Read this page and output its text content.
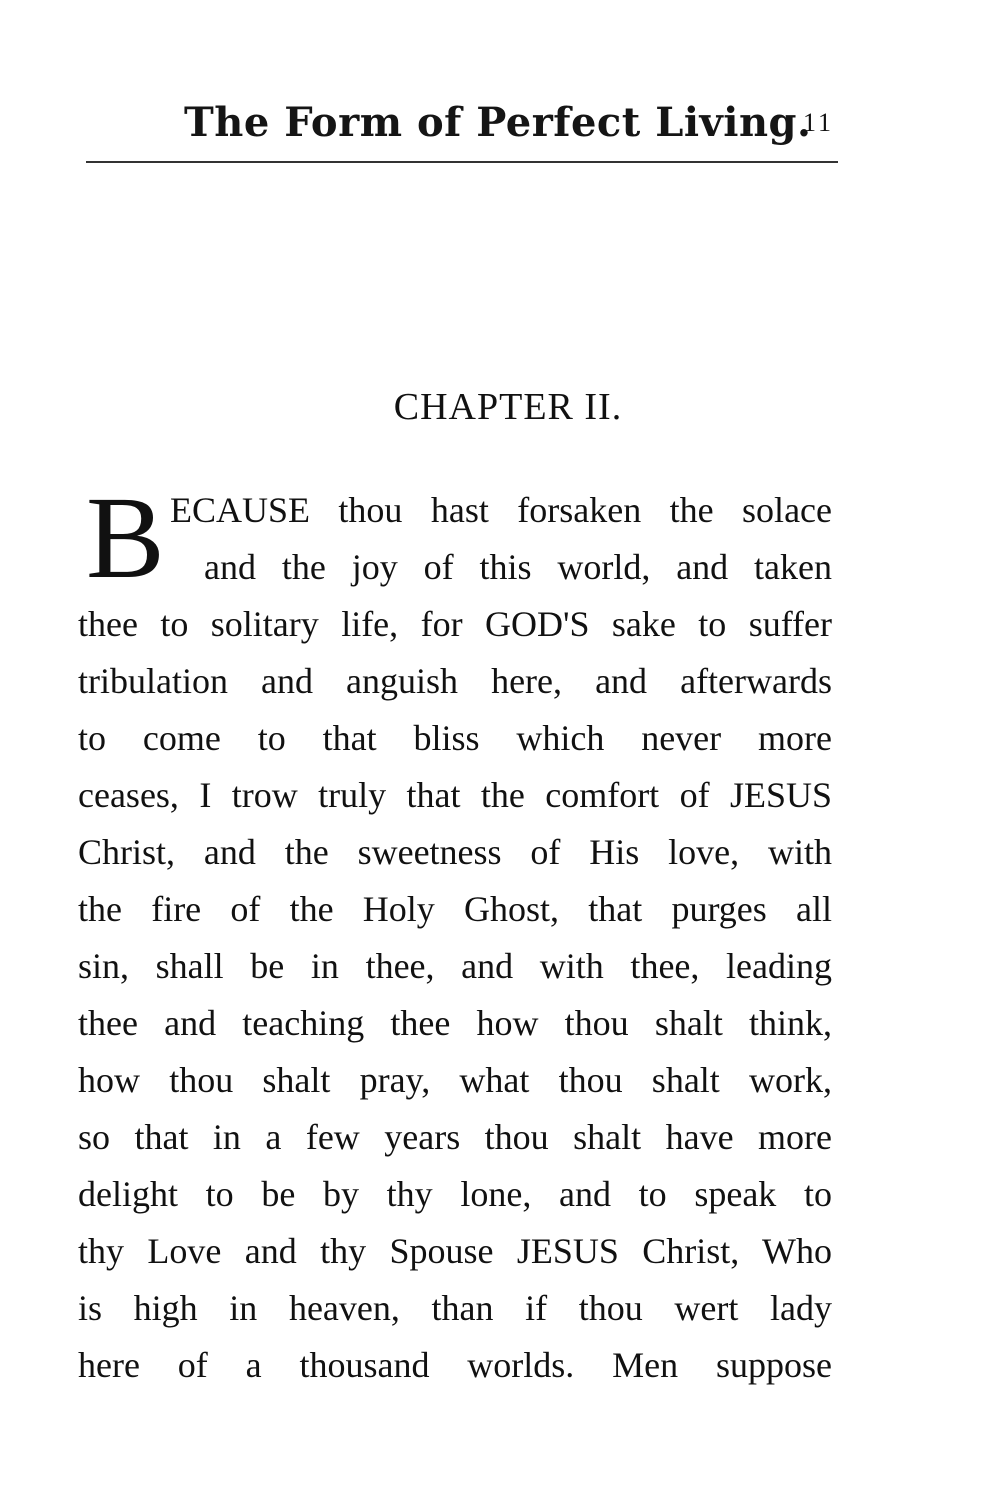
The Form of Perfect Living.
11
CHAPTER II.
B ECAUSE thou hast forsaken the solace
and the joy of this world, and taken
thee to solitary life, for GOD'S sake to suffer
tribulation and anguish here, and afterwards
to come to that bliss which never more
ceases, I trow truly that the comfort of JESUS
Christ, and the sweetness of His love, with
the fire of the Holy Ghost, that purges all
sin, shall be in thee, and with thee, leading
thee and teaching thee how thou shalt think,
how thou shalt pray, what thou shalt work,
so that in a few years thou shalt have more
delight to be by thy lone, and to speak to
thy Love and thy Spouse JESUS Christ, Who
is high in heaven, than if thou wert lady
here of a thousand worlds. Men suppose
